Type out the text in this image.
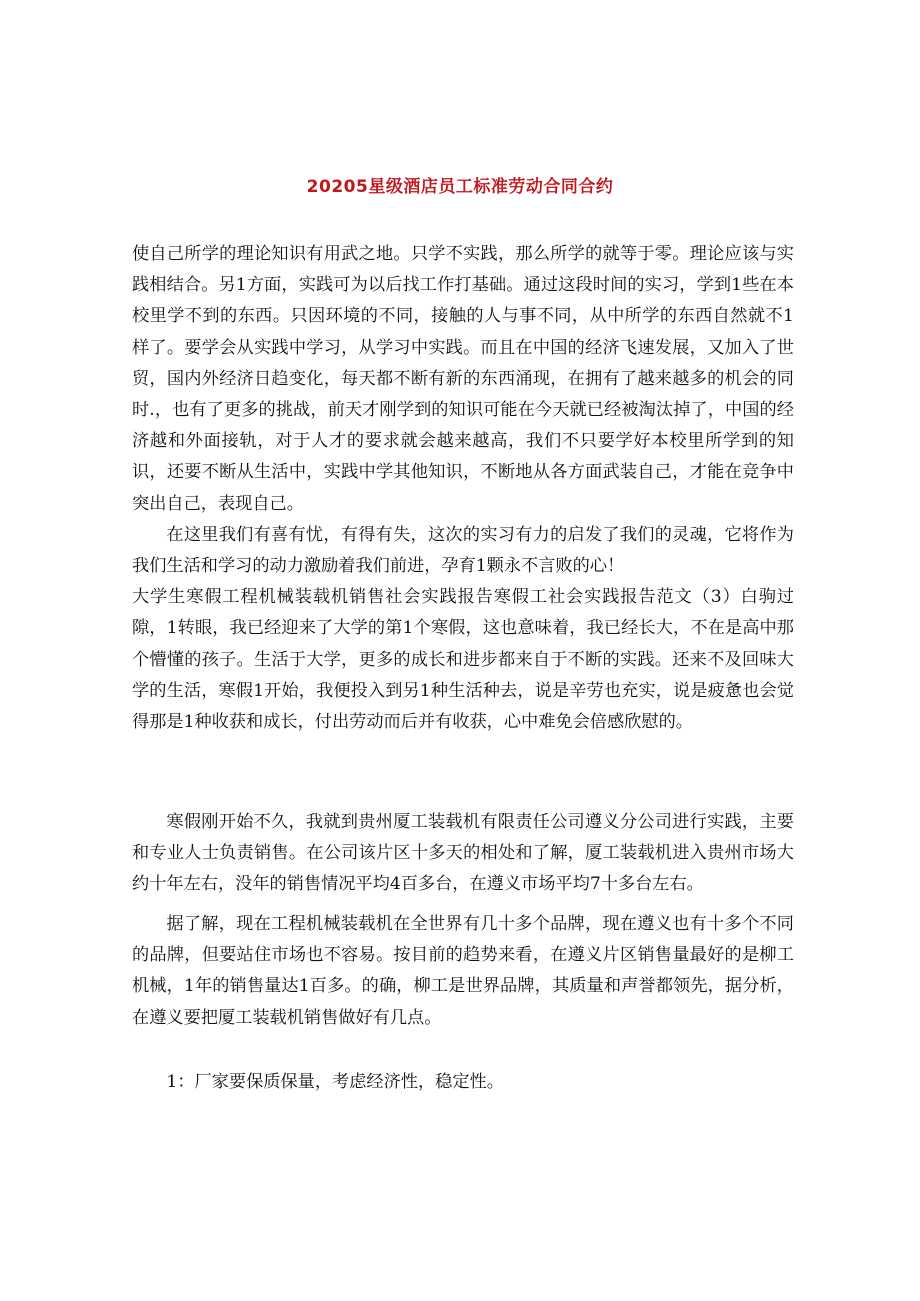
20205星级酒店员工标准劳动合同合约

使自己所学的理论知识有用武之地。只学不实践，那么所学的就等于零。理论应该与实践相结合。另1方面，实践可为以后找工作打基础。通过这段时间的实习，学到1些在本校里学不到的东西。只因环境的不同，接触的人与事不同，从中所学的东西自然就不1样了。要学会从实践中学习，从学习中实践。而且在中国的经济飞速发展，又加入了世贸，国内外经济日趋变化，每天都不断有新的东西涌现，在拥有了越来越多的机会的同时.，也有了更多的挑战，前天才刚学到的知识可能在今天就已经被淘汰掉了，中国的经济越和外面接轨，对于人才的要求就会越来越高，我们不只要学好本校里所学到的知识，还要不断从生活中，实践中学其他知识，不断地从各方面武装自己，才能在竞争中突出自己，表现自己。

在这里我们有喜有忧，有得有失，这次的实习有力的启发了我们的灵魂，它将作为我们生活和学习的动力激励着我们前进，孕育1颗永不言败的心！

大学生寒假工程机械装载机销售社会实践报告寒假工社会实践报告范文（3）白驹过隙，1转眼，我已经迎来了大学的第1个寒假，这也意味着，我已经长大，不在是高中那个懵懂的孩子。生活于大学，更多的成长和进步都来自于不断的实践。还来不及回味大学的生活，寒假1开始，我便投入到另1种生活种去，说是辛劳也充实，说是疲惫也会觉得那是1种收获和成长，付出劳动而后并有收获，心中难免会倍感欣慰的。

寒假刚开始不久，我就到贵州厦工装载机有限责任公司遵义分公司进行实践，主要和专业人士负责销售。在公司该片区十多天的相处和了解，厦工装载机进入贵州市场大约十年左右，没年的销售情况平均4百多台，在遵义市场平均7十多台左右。

据了解，现在工程机械装载机在全世界有几十多个品牌，现在遵义也有十多个不同的品牌，但要站住市场也不容易。按目前的趋势来看，在遵义片区销售量最好的是柳工机械，1年的销售量达1百多。的确，柳工是世界品牌，其质量和声誉都领先，据分析，在遵义要把厦工装载机销售做好有几点。

1：厂家要保质保量，考虑经济性，稳定性。
